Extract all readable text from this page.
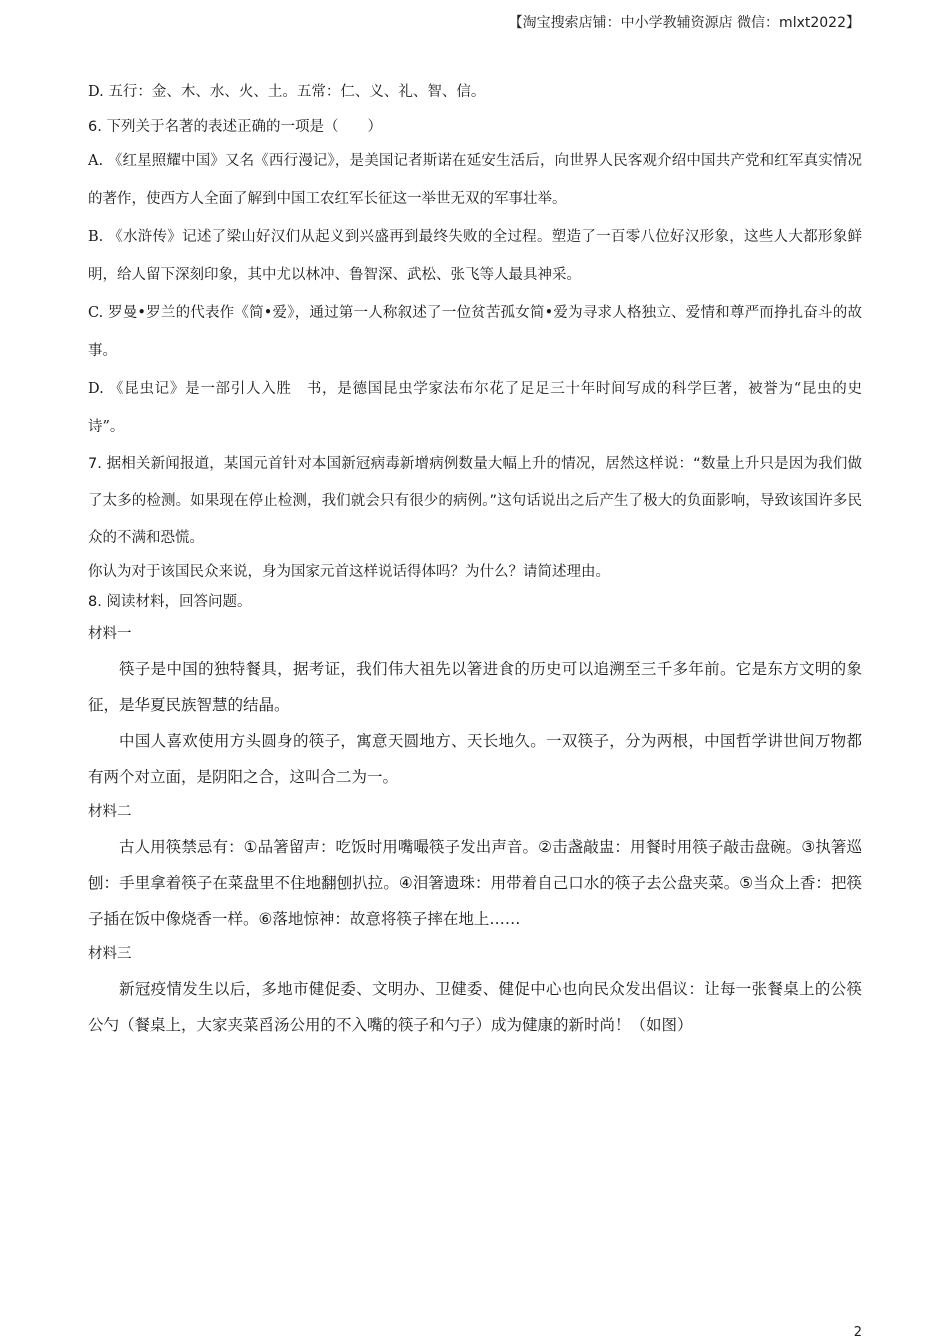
【淘宝搜索店铺：中小学教辅资源店 微信：mlxt2022】

D. 五行：金、木、水、火、土。五常：仁、义、礼、智、信。

6. 下列关于名著的表述正确的一项是（　　）

A. 《红星照耀中国》又名《西行漫记》，是美国记者斯诺在延安生活后，向世界人民客观介绍中国共产党和红军真实情况的著作，使西方人全面了解到中国工农红军长征这一举世无双的军事壮举。

B. 《水浒传》记述了梁山好汉们从起义到兴盛再到最终失败的全过程。塑造了一百零八位好汉形象，这些人大都形象鲜明，给人留下深刻印象，其中尤以林冲、鲁智深、武松、张飞等人最具神采。

C. 罗曼•罗兰的代表作《简•爱》，通过第一人称叙述了一位贫苦孤女简•爱为寻求人格独立、爱情和尊严而挣扎奋斗的故事。

D. 《昆虫记》是一部引人入胜　书，是德国昆虫学家法布尔花了足足三十年时间写成的科学巨著，被誉为“昆虫的史诗”。

7. 据相关新闻报道，某国元首针对本国新冠病毒新增病例数量大幅上升的情况，居然这样说：“数量上升只是因为我们做了太多的检测。如果现在停止检测，我们就会只有很少的病例。”这句话说出之后产生了极大的负面影响，导致该国许多民众的不满和恐慌。

你认为对于该国民众来说，身为国家元首这样说话得体吗？为什么？请简述理由。

8. 阅读材料，回答问题。

材料一

筷子是中国的独特餐具，据考证，我们伟大祖先以箸进食的历史可以追溯至三千多年前。它是东方文明的象征，是华夏民族智慧的结晶。

中国人喜欢使用方头圆身的筷子，寓意天圆地方、天长地久。一双筷子，分为两根，中国哲学讲世间万物都有两个对立面，是阴阳之合，这叫合二为一。

材料二

古人用筷禁忌有：①品箸留声：吃饭时用嘴嘬筷子发出声音。②击盏敲盅：用餐时用筷子敲击盘碗。③执箸巡刨：手里拿着筷子在菜盘里不住地翻刨扒拉。④泪箸遗珠：用带着自己口水的筷子去公盘夹菜。⑤当众上香：把筷子插在饭中像烧香一样。⑥落地惊神：故意将筷子摔在地上……

材料三

新冠疫情发生以后，多地市健促委、文明办、卫健委、健促中心也向民众发出倡议：让每一张餐桌上的公筷公勺（餐桌上，大家夹菜舀汤公用的不入嘴的筷子和勺子）成为健康的新时尚！（如图）

2
